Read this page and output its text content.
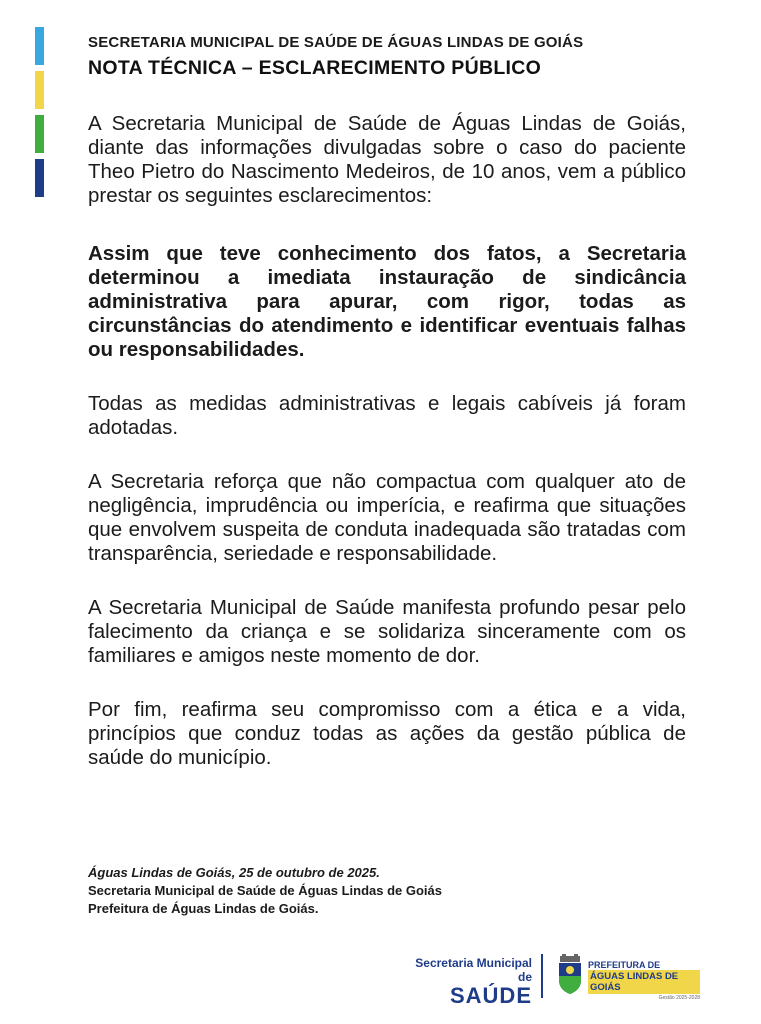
SECRETARIA MUNICIPAL DE SAÚDE DE ÁGUAS LINDAS DE GOIÁS
NOTA TÉCNICA – ESCLARECIMENTO PÚBLICO

A Secretaria Municipal de Saúde de Águas Lindas de Goiás, diante das informações divulgadas sobre o caso do paciente Theo Pietro do Nascimento Medeiros, de 10 anos, vem a público prestar os seguintes esclarecimentos:

Assim que teve conhecimento dos fatos, a Secretaria determinou a imediata instauração de sindicância administrativa para apurar, com rigor, todas as circunstâncias do atendimento e identificar eventuais falhas ou responsabilidades.

Todas as medidas administrativas e legais cabíveis já foram adotadas.

A Secretaria reforça que não compactua com qualquer ato de negligência, imprudência ou imperícia, e reafirma que situações que envolvem suspeita de conduta inadequada são tratadas com transparência, seriedade e responsabilidade.

A Secretaria Municipal de Saúde manifesta profundo pesar pelo falecimento da criança e se solidariza sinceramente com os familiares e amigos neste momento de dor.

Por fim, reafirma seu compromisso com a ética e a vida, princípios que conduz todas as ações da gestão pública de saúde do município.

Águas Lindas de Goiás, 25 de outubro de 2025.
Secretaria Municipal de Saúde de Águas Lindas de Goiás
Prefeitura de Águas Lindas de Goiás.
Secretaria Municipal de
SAÚDE
PREFEITURA DE
ÁGUAS LINDAS DE GOIÁS
Gestão 2025-2028
